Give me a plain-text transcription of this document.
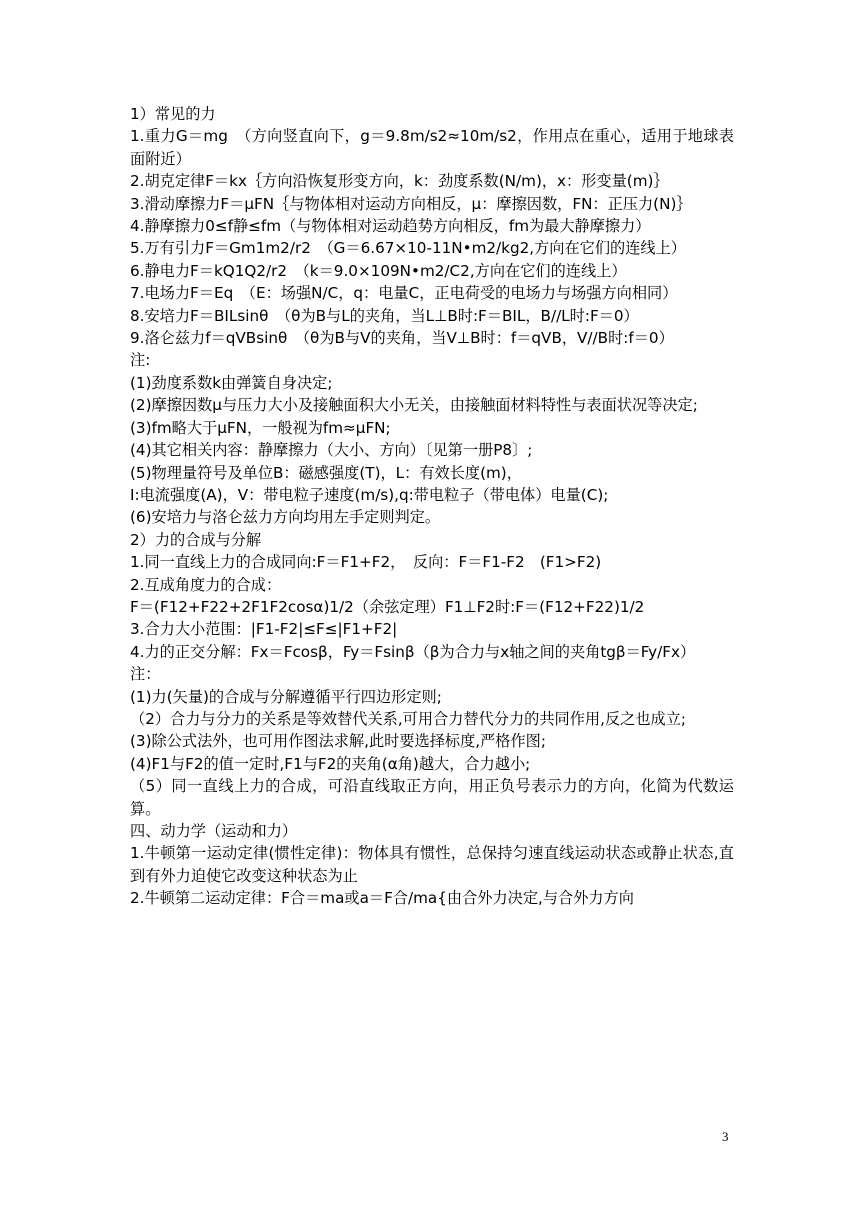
1）常见的力

1.重力G＝mg　（方向竖直向下，g＝9.8m/s2≈10m/s2，作用点在重心，适用于地球表面附近）

2.胡克定律F＝kx｛方向沿恢复形变方向，k：劲度系数(N/m)，x：形变量(m)｝

3.滑动摩擦力F＝μFN｛与物体相对运动方向相反，μ：摩擦因数，FN：正压力(N)｝

4.静摩擦力0≤f静≤fm（与物体相对运动趋势方向相反，fm为最大静摩擦力）

5.万有引力F＝Gm1m2/r2　（G＝6.67×10-11N•m2/kg2,方向在它们的连线上）

6.静电力F＝kQ1Q2/r2　（k＝9.0×109N•m2/C2,方向在它们的连线上）

7.电场力F＝Eq　（E：场强N/C，q：电量C，正电荷受的电场力与场强方向相同）

8.安培力F＝BILsinθ　（θ为B与L的夹角，当L⊥B时:F＝BIL，B//L时:F＝0）

9.洛仑兹力f＝qVBsinθ　（θ为B与V的夹角，当V⊥B时：f＝qVB，V//B时:f＝0）

注:

(1)劲度系数k由弹簧自身决定;

(2)摩擦因数μ与压力大小及接触面积大小无关，由接触面材料特性与表面状况等决定;

(3)fm略大于μFN，一般视为fm≈μFN;

(4)其它相关内容：静摩擦力（大小、方向）〔见第一册P8〕;

(5)物理量符号及单位B：磁感强度(T)，L：有效长度(m)，

I:电流强度(A)，V：带电粒子速度(m/s),q:带电粒子（带电体）电量(C);

(6)安培力与洛仑兹力方向均用左手定则判定。

2）力的合成与分解

1.同一直线上力的合成同向:F＝F1+F2，　反向：F＝F1-F2　(F1>F2)

2.互成角度力的合成：

F＝(F12+F22+2F1F2cosα)1/2（余弦定理）F1⊥F2时:F＝(F12+F22)1/2

3.合力大小范围：|F1-F2|≤F≤|F1+F2|

4.力的正交分解：Fx＝Fcosβ，Fy＝Fsinβ（β为合力与x轴之间的夹角tgβ＝Fy/Fx）

注：

(1)力(矢量)的合成与分解遵循平行四边形定则;

（2）合力与分力的关系是等效替代关系,可用合力替代分力的共同作用,反之也成立;

(3)除公式法外，也可用作图法求解,此时要选择标度,严格作图;

(4)F1与F2的值一定时,F1与F2的夹角(α角)越大，合力越小;

（5）同一直线上力的合成，可沿直线取正方向，用正负号表示力的方向，化简为代数运算。

四、动力学（运动和力）

1.牛顿第一运动定律(惯性定律)：物体具有惯性，总保持匀速直线运动状态或静止状态,直到有外力迫使它改变这种状态为止

2.牛顿第二运动定律：F合＝ma或a＝F合/ma{由合外力决定,与合外力方向

3
